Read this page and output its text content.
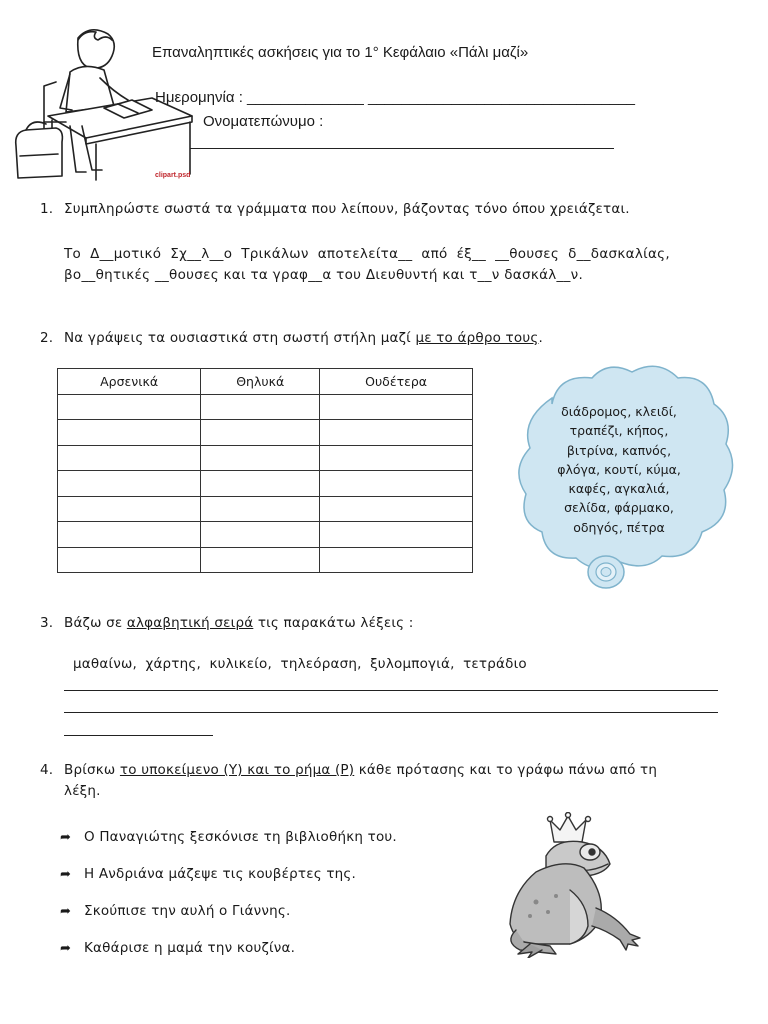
Επαναληπτικές ασκήσεις για το 1° Κεφάλαιο «Πάλι μαζί»
Ημερομηνία : ______________ ________________________________
Ονοματεπώνυμο :
clipart.psd
1. Συμπληρώστε σωστά τα γράμματα που λείπουν, βάζοντας τόνο όπου χρειάζεται.
Το Δ__μοτικό Σχ__λ__ο Τρικάλων αποτελείτα__ από έξ__ __θουσες δ__δασκαλίας, βο__θητικές __θουσες και τα γραφ__α του Διευθυντή και τ__ν δασκάλ__ν.
2. Να γράψεις τα ουσιαστικά στη σωστή στήλη μαζί με το άρθρο τους.
Αρσενικά	Θηλυκά	Ουδέτερα

διάδρομος, κλειδί,
τραπέζι, κήπος,
βιτρίνα, καπνός,
φλόγα, κουτί, κύμα,
καφές, αγκαλιά,
σελίδα, φάρμακο,
οδηγός, πέτρα
3. Βάζω σε αλφαβητική σειρά τις παρακάτω λέξεις :
μαθαίνω, χάρτης, κυλικείο, τηλεόραση, ξυλομπογιά, τετράδιο
4. Βρίσκω το υποκείμενο (Υ) και το ρήμα (Ρ) κάθε πρότασης και το γράφω πάνω από τη
λέξη.
➦ Ο Παναγιώτης ξεσκόνισε τη βιβλιοθήκη του.
➦ Η Ανδριάνα μάζεψε τις κουβέρτες της.
➦ Σκούπισε την αυλή ο Γιάννης.
➦ Καθάρισε η μαμά την κουζίνα.
